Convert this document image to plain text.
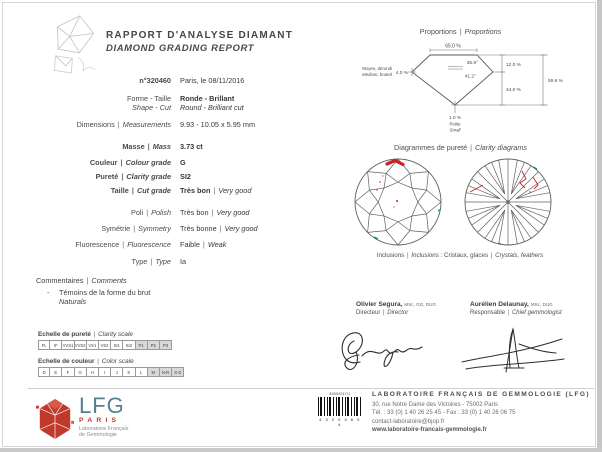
RAPPORT D'ANALYSE DIAMANT
DIAMOND GRADING REPORT
n°320460 Paris, le 08/11/2016
Forme - Taille
Shape - Cut
Ronde - Brillant
Round - Brilliant cut
Dimensions | Measurements 9.93 - 10.05 x 5.95 mm
Masse | Mass 3.73 ct
Couleur | Colour grade G
Pureté | Clarity grade SI2
Taille | Cut grade Très bon | Very good
Poli | Polish Très bon | Very good
Symétrie | Symmetry Très bonne | Very good
Fluorescence | Fluorescence Faible | Weak
Type | Type Ia
Commentaires | Comments
-	Témoins de la forme du brut
Naturals
Echelle de pureté | Clarity scale
FL	IF	VVS1 VVS2 VS1	VS2	SI1	SI2	P1	P2	P3
Echelle de couleur | Color scale
D	E	F	G	H	I	J	K	L	M	N-R	S-Z
Proportions | Proportions
65.0 %
35.9°
41.2°
12.0 %
44.0 %
59.6 %
4.0 %
Moyen, dérondi
Medium, bruted
1.0 %
Petite
Small
Diagrammes de pureté | Clarity diagrams
Inclusions | Inclusions : Cristaux, glaces | Crystals, feathers
Olivier Segura, MSc, GG, DUG
Directeur | Director
Aurélien Delaunay, MSc, DUG
Responsable | Chief gemmologist
80002017/1
4 3 2 0 4 6 0 4
LABORATOIRE FRANÇAIS DE GEMMOLOGIE (LFG)
30, rue Notre Dame des Victoires - 75002 Paris
Tél. : 33 (0) 1 40 26 25 45 - Fax : 33 (0) 1 40 26 06 75
contact-laboratoire@bjop.fr
www.laboratoire-francais-gemmologie.fr
LFG
PARIS
Laboratoire Français
de Gemmologie
